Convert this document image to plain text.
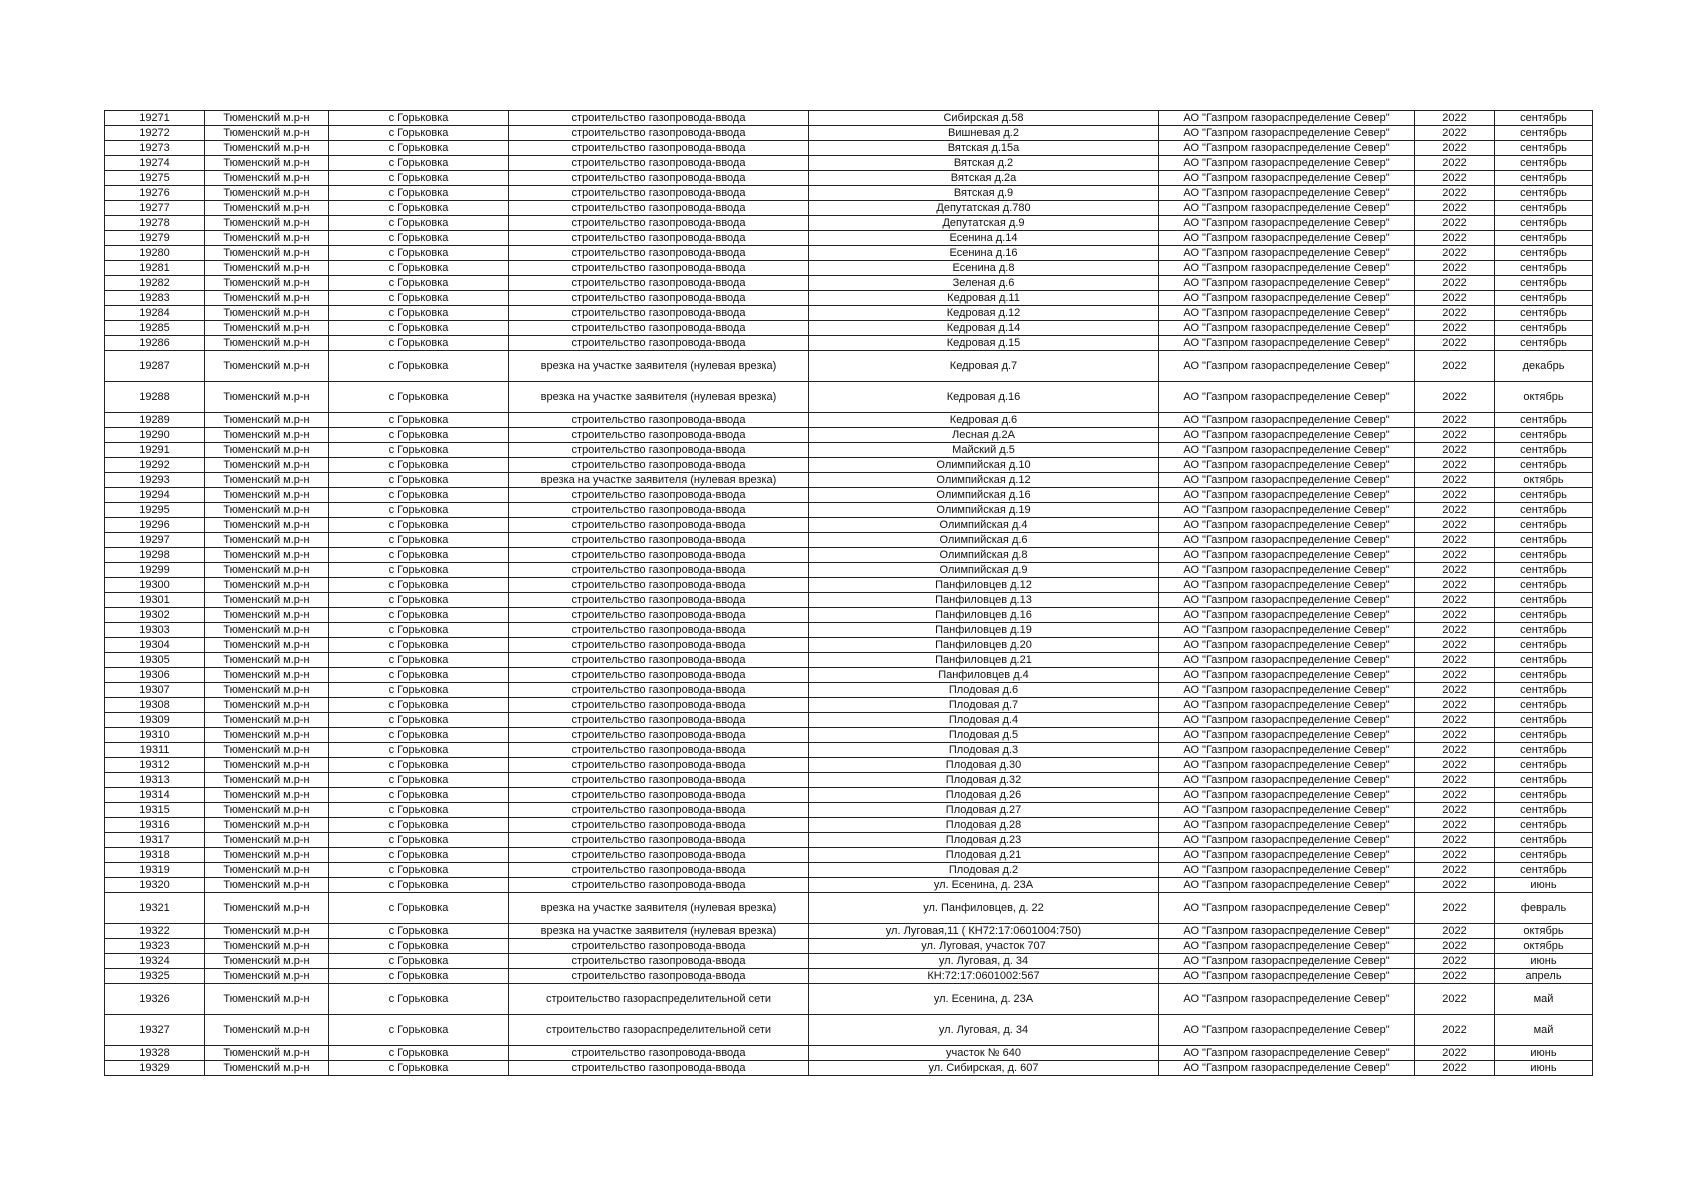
19271	Тюменский м.р-н	с Горьковка	строительство газопровода-ввода	Сибирская д.58	АО "Газпром газораспределение Север"	2022	сентябрь
19272	Тюменский м.р-н	с Горьковка	строительство газопровода-ввода	Вишневая д.2	АО "Газпром газораспределение Север"	2022	сентябрь
19273	Тюменский м.р-н	с Горьковка	строительство газопровода-ввода	Вятская д.15а	АО "Газпром газораспределение Север"	2022	сентябрь
19274	Тюменский м.р-н	с Горьковка	строительство газопровода-ввода	Вятская д.2	АО "Газпром газораспределение Север"	2022	сентябрь
19275	Тюменский м.р-н	с Горьковка	строительство газопровода-ввода	Вятская д.2а	АО "Газпром газораспределение Север"	2022	сентябрь
19276	Тюменский м.р-н	с Горьковка	строительство газопровода-ввода	Вятская д.9	АО "Газпром газораспределение Север"	2022	сентябрь
19277	Тюменский м.р-н	с Горьковка	строительство газопровода-ввода	Депутатская д.780	АО "Газпром газораспределение Север"	2022	сентябрь
19278	Тюменский м.р-н	с Горьковка	строительство газопровода-ввода	Депутатская д.9	АО "Газпром газораспределение Север"	2022	сентябрь
19279	Тюменский м.р-н	с Горьковка	строительство газопровода-ввода	Есенина д.14	АО "Газпром газораспределение Север"	2022	сентябрь
19280	Тюменский м.р-н	с Горьковка	строительство газопровода-ввода	Есенина д.16	АО "Газпром газораспределение Север"	2022	сентябрь
19281	Тюменский м.р-н	с Горьковка	строительство газопровода-ввода	Есенина д.8	АО "Газпром газораспределение Север"	2022	сентябрь
19282	Тюменский м.р-н	с Горьковка	строительство газопровода-ввода	Зеленая д.6	АО "Газпром газораспределение Север"	2022	сентябрь
19283	Тюменский м.р-н	с Горьковка	строительство газопровода-ввода	Кедровая д.11	АО "Газпром газораспределение Север"	2022	сентябрь
19284	Тюменский м.р-н	с Горьковка	строительство газопровода-ввода	Кедровая д.12	АО "Газпром газораспределение Север"	2022	сентябрь
19285	Тюменский м.р-н	с Горьковка	строительство газопровода-ввода	Кедровая д.14	АО "Газпром газораспределение Север"	2022	сентябрь
19286	Тюменский м.р-н	с Горьковка	строительство газопровода-ввода	Кедровая д.15	АО "Газпром газораспределение Север"	2022	сентябрь
19287	Тюменский м.р-н	с Горьковка	врезка на участке заявителя (нулевая врезка)	Кедровая д.7	АО "Газпром газораспределение Север"	2022	декабрь
19288	Тюменский м.р-н	с Горьковка	врезка на участке заявителя (нулевая врезка)	Кедровая д.16	АО "Газпром газораспределение Север"	2022	октябрь
19289	Тюменский м.р-н	с Горьковка	строительство газопровода-ввода	Кедровая д.6	АО "Газпром газораспределение Север"	2022	сентябрь
19290	Тюменский м.р-н	с Горьковка	строительство газопровода-ввода	Лесная д.2А	АО "Газпром газораспределение Север"	2022	сентябрь
19291	Тюменский м.р-н	с Горьковка	строительство газопровода-ввода	Майский д.5	АО "Газпром газораспределение Север"	2022	сентябрь
19292	Тюменский м.р-н	с Горьковка	строительство газопровода-ввода	Олимпийская д.10	АО "Газпром газораспределение Север"	2022	сентябрь
19293	Тюменский м.р-н	с Горьковка	врезка на участке заявителя (нулевая врезка)	Олимпийская д.12	АО "Газпром газораспределение Север"	2022	октябрь
19294	Тюменский м.р-н	с Горьковка	строительство газопровода-ввода	Олимпийская д.16	АО "Газпром газораспределение Север"	2022	сентябрь
19295	Тюменский м.р-н	с Горьковка	строительство газопровода-ввода	Олимпийская д.19	АО "Газпром газораспределение Север"	2022	сентябрь
19296	Тюменский м.р-н	с Горьковка	строительство газопровода-ввода	Олимпийская д.4	АО "Газпром газораспределение Север"	2022	сентябрь
19297	Тюменский м.р-н	с Горьковка	строительство газопровода-ввода	Олимпийская д.6	АО "Газпром газораспределение Север"	2022	сентябрь
19298	Тюменский м.р-н	с Горьковка	строительство газопровода-ввода	Олимпийская д.8	АО "Газпром газораспределение Север"	2022	сентябрь
19299	Тюменский м.р-н	с Горьковка	строительство газопровода-ввода	Олимпийская д.9	АО "Газпром газораспределение Север"	2022	сентябрь
19300	Тюменский м.р-н	с Горьковка	строительство газопровода-ввода	Панфиловцев д.12	АО "Газпром газораспределение Север"	2022	сентябрь
19301	Тюменский м.р-н	с Горьковка	строительство газопровода-ввода	Панфиловцев д.13	АО "Газпром газораспределение Север"	2022	сентябрь
19302	Тюменский м.р-н	с Горьковка	строительство газопровода-ввода	Панфиловцев д.16	АО "Газпром газораспределение Север"	2022	сентябрь
19303	Тюменский м.р-н	с Горьковка	строительство газопровода-ввода	Панфиловцев д.19	АО "Газпром газораспределение Север"	2022	сентябрь
19304	Тюменский м.р-н	с Горьковка	строительство газопровода-ввода	Панфиловцев д.20	АО "Газпром газораспределение Север"	2022	сентябрь
19305	Тюменский м.р-н	с Горьковка	строительство газопровода-ввода	Панфиловцев д.21	АО "Газпром газораспределение Север"	2022	сентябрь
19306	Тюменский м.р-н	с Горьковка	строительство газопровода-ввода	Панфиловцев д.4	АО "Газпром газораспределение Север"	2022	сентябрь
19307	Тюменский м.р-н	с Горьковка	строительство газопровода-ввода	Плодовая д.6	АО "Газпром газораспределение Север"	2022	сентябрь
19308	Тюменский м.р-н	с Горьковка	строительство газопровода-ввода	Плодовая д.7	АО "Газпром газораспределение Север"	2022	сентябрь
19309	Тюменский м.р-н	с Горьковка	строительство газопровода-ввода	Плодовая д.4	АО "Газпром газораспределение Север"	2022	сентябрь
19310	Тюменский м.р-н	с Горьковка	строительство газопровода-ввода	Плодовая д.5	АО "Газпром газораспределение Север"	2022	сентябрь
19311	Тюменский м.р-н	с Горьковка	строительство газопровода-ввода	Плодовая д.3	АО "Газпром газораспределение Север"	2022	сентябрь
19312	Тюменский м.р-н	с Горьковка	строительство газопровода-ввода	Плодовая д.30	АО "Газпром газораспределение Север"	2022	сентябрь
19313	Тюменский м.р-н	с Горьковка	строительство газопровода-ввода	Плодовая д.32	АО "Газпром газораспределение Север"	2022	сентябрь
19314	Тюменский м.р-н	с Горьковка	строительство газопровода-ввода	Плодовая д.26	АО "Газпром газораспределение Север"	2022	сентябрь
19315	Тюменский м.р-н	с Горьковка	строительство газопровода-ввода	Плодовая д.27	АО "Газпром газораспределение Север"	2022	сентябрь
19316	Тюменский м.р-н	с Горьковка	строительство газопровода-ввода	Плодовая д.28	АО "Газпром газораспределение Север"	2022	сентябрь
19317	Тюменский м.р-н	с Горьковка	строительство газопровода-ввода	Плодовая д.23	АО "Газпром газораспределение Север"	2022	сентябрь
19318	Тюменский м.р-н	с Горьковка	строительство газопровода-ввода	Плодовая д.21	АО "Газпром газораспределение Север"	2022	сентябрь
19319	Тюменский м.р-н	с Горьковка	строительство газопровода-ввода	Плодовая д.2	АО "Газпром газораспределение Север"	2022	сентябрь
19320	Тюменский м.р-н	с Горьковка	строительство газопровода-ввода	ул. Есенина, д. 23А	АО "Газпром газораспределение Север"	2022	июнь
19321	Тюменский м.р-н	с Горьковка	врезка на участке заявителя (нулевая врезка)	ул. Панфиловцев, д. 22	АО "Газпром газораспределение Север"	2022	февраль
19322	Тюменский м.р-н	с Горьковка	врезка на участке заявителя (нулевая врезка)	ул. Луговая,11 ( КН72:17:0601004:750)	АО "Газпром газораспределение Север"	2022	октябрь
19323	Тюменский м.р-н	с Горьковка	строительство газопровода-ввода	ул. Луговая, участок 707	АО "Газпром газораспределение Север"	2022	октябрь
19324	Тюменский м.р-н	с Горьковка	строительство газопровода-ввода	ул. Луговая, д. 34	АО "Газпром газораспределение Север"	2022	июнь
19325	Тюменский м.р-н	с Горьковка	строительство газопровода-ввода	КН:72:17:0601002:567	АО "Газпром газораспределение Север"	2022	апрель
19326	Тюменский м.р-н	с Горьковка	строительство газораспределительной сети	ул. Есенина, д. 23А	АО "Газпром газораспределение Север"	2022	май
19327	Тюменский м.р-н	с Горьковка	строительство газораспределительной сети	ул. Луговая, д. 34	АО "Газпром газораспределение Север"	2022	май
19328	Тюменский м.р-н	с Горьковка	строительство газопровода-ввода	участок № 640	АО "Газпром газораспределение Север"	2022	июнь
19329	Тюменский м.р-н	с Горьковка	строительство газопровода-ввода	ул. Сибирская, д. 607	АО "Газпром газораспределение Север"	2022	июнь
